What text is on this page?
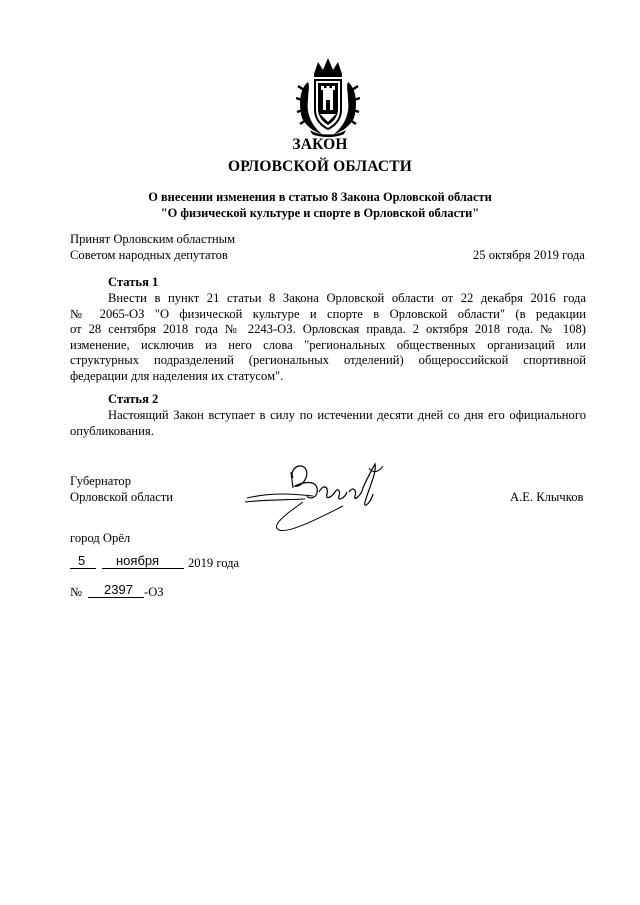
ЗАКОН
ОРЛОВСКОЙ ОБЛАСТИ
О внесении изменения в статью 8 Закона Орловской области
"О физической культуре и спорте в Орловской области"
Принят Орловским областным
Советом народных депутатов	25 октября 2019 года
Статья 1
Внести в пункт 21 статьи 8 Закона Орловской области от 22 декабря 2016 года
№ 2065-ОЗ "О физической культуре и спорте в Орловской области" (в редакции
от 28 сентября 2018 года № 2243-ОЗ. Орловская правда. 2 октября 2018 года. № 108)
изменение, исключив из него слова "региональных общественных организаций или
структурных подразделений (региональных отделений) общероссийской спортивной
федерации для наделения их статусом".
Статья 2
Настоящий Закон вступает в силу по истечении десяти дней со дня его официального
опубликования.
Губернатор
Орловской области	А.Е. Клычков
город Орёл
5 ноября 2019 года
№ 2397 -ОЗ
